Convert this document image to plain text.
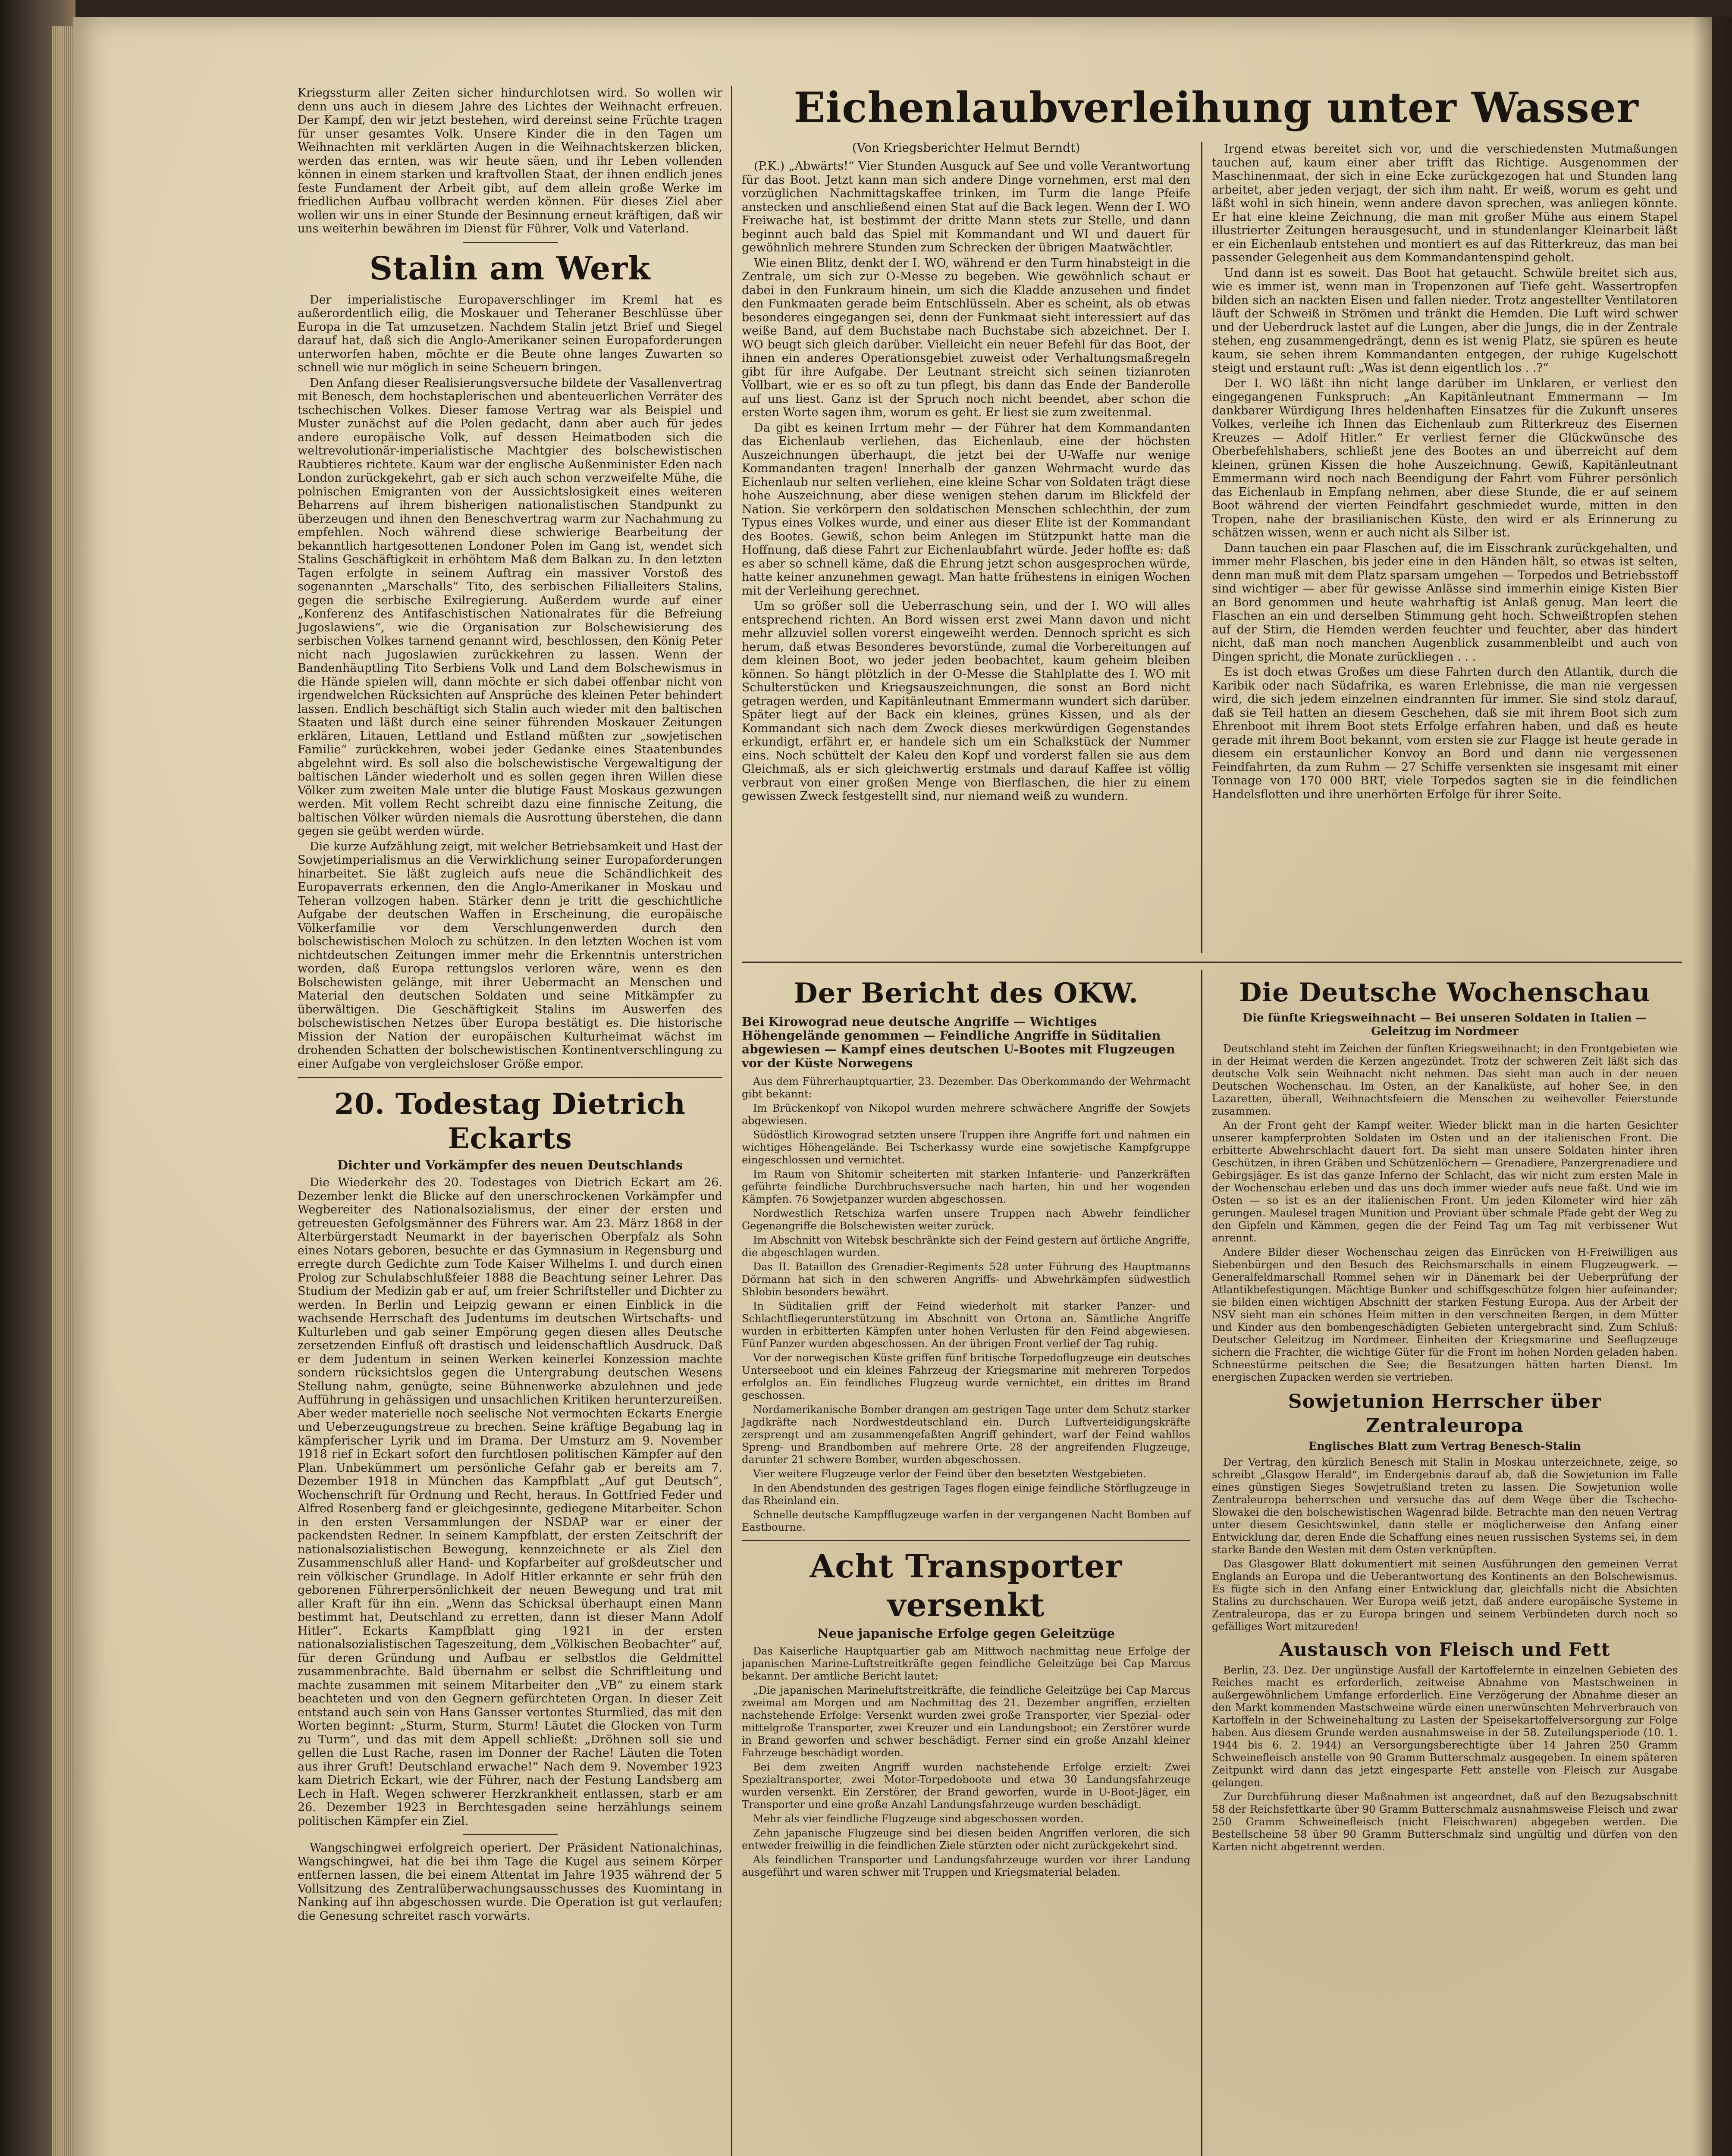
Kriegssturm aller Zeiten sicher hindurchlotsen wird. So wollen wir denn uns auch in diesem Jahre des Lichtes der Weihnacht erfreuen. Der Kampf, den wir jetzt bestehen, wird dereinst seine Früchte tragen für unser gesamtes Volk. Unsere Kinder die in den Tagen um Weihnachten mit verklärten Augen in die Weihnachtskerzen blicken, werden das ernten, was wir heute säen, und ihr Leben vollenden können in einem starken und kraftvollen Staat, der ihnen endlich jenes feste Fundament der Arbeit gibt, auf dem allein große Werke im friedlichen Aufbau vollbracht werden können. Für dieses Ziel aber wollen wir uns in einer Stunde der Besinnung erneut kräftigen, daß wir uns weiterhin bewähren im Dienst für Führer, Volk und Vaterland.

Stalin am Werk

Der imperialistische Europaverschlinger im Kreml hat es außerordentlich eilig, die Moskauer und Teheraner Beschlüsse über Europa in die Tat umzusetzen. Nachdem Stalin jetzt Brief und Siegel darauf hat, daß sich die Anglo-Amerikaner seinen Europaforderungen unterworfen haben, möchte er die Beute ohne langes Zuwarten so schnell wie nur möglich in seine Scheuern bringen.

Den Anfang dieser Realisierungsversuche bildete der Vasallenvertrag mit Benesch, dem hochstaplerischen und abenteuerlichen Verräter des tschechischen Volkes. Dieser famose Vertrag war als Beispiel und Muster zunächst auf die Polen gedacht, dann aber auch für jedes andere europäische Volk, auf dessen Heimatboden sich die weltrevolutionär-imperialistische Machtgier des bolschewistischen Raubtieres richtete. Kaum war der englische Außenminister Eden nach London zurückgekehrt, gab er sich auch schon verzweifelte Mühe, die polnischen Emigranten von der Aussichtslosigkeit eines weiteren Beharrens auf ihrem bisherigen nationalistischen Standpunkt zu überzeugen und ihnen den Beneschvertrag warm zur Nachahmung zu empfehlen. Noch während diese schwierige Bearbeitung der bekanntlich hartgesottenen Londoner Polen im Gang ist, wendet sich Stalins Geschäftigkeit in erhöhtem Maß dem Balkan zu. In den letzten Tagen erfolgte in seinem Auftrag ein massiver Vorstoß des sogenannten „Marschalls“ Tito, des serbischen Filialleiters Stalins, gegen die serbische Exilregierung. Außerdem wurde auf einer „Konferenz des Antifaschistischen Nationalrates für die Befreiung Jugoslawiens“, wie die Organisation zur Bolschewisierung des serbischen Volkes tarnend genannt wird, beschlossen, den König Peter nicht nach Jugoslawien zurückkehren zu lassen. Wenn der Bandenhäuptling Tito Serbiens Volk und Land dem Bolschewismus in die Hände spielen will, dann möchte er sich dabei offenbar nicht von irgendwelchen Rücksichten auf Ansprüche des kleinen Peter behindert lassen. Endlich beschäftigt sich Stalin auch wieder mit den baltischen Staaten und läßt durch eine seiner führenden Moskauer Zeitungen erklären, Litauen, Lettland und Estland müßten zur „sowjetischen Familie“ zurückkehren, wobei jeder Gedanke eines Staatenbundes abgelehnt wird. Es soll also die bolschewistische Vergewaltigung der baltischen Länder wiederholt und es sollen gegen ihren Willen diese Völker zum zweiten Male unter die blutige Faust Moskaus gezwungen werden. Mit vollem Recht schreibt dazu eine finnische Zeitung, die baltischen Völker würden niemals die Ausrottung überstehen, die dann gegen sie geübt werden würde.

Die kurze Aufzählung zeigt, mit welcher Betriebsamkeit und Hast der Sowjetimperialismus an die Verwirklichung seiner Europaforderungen hinarbeitet. Sie läßt zugleich aufs neue die Schändlichkeit des Europaverrats erkennen, den die Anglo-Amerikaner in Moskau und Teheran vollzogen haben. Stärker denn je tritt die geschichtliche Aufgabe der deutschen Waffen in Erscheinung, die europäische Völkerfamilie vor dem Verschlungenwerden durch den bolschewistischen Moloch zu schützen. In den letzten Wochen ist vom nichtdeutschen Zeitungen immer mehr die Erkenntnis unterstrichen worden, daß Europa rettungslos verloren wäre, wenn es den Bolschewisten gelänge, mit ihrer Uebermacht an Menschen und Material den deutschen Soldaten und seine Mitkämpfer zu überwältigen. Die Geschäftigkeit Stalins im Auswerfen des bolschewistischen Netzes über Europa bestätigt es. Die historische Mission der Nation der europäischen Kulturheimat wächst im drohenden Schatten der bolschewistischen Kontinentverschlingung zu einer Aufgabe von vergleichsloser Größe empor.

20. Todestag Dietrich Eckarts
Dichter und Vorkämpfer des neuen Deutschlands

Die Wiederkehr des 20. Todestages von Dietrich Eckart am 26. Dezember lenkt die Blicke auf den unerschrockenen Vorkämpfer und Wegbereiter des Nationalsozialismus, der einer der ersten und getreuesten Gefolgsmänner des Führers war. Am 23. März 1868 in der Alterbürgerstadt Neumarkt in der bayerischen Oberpfalz als Sohn eines Notars geboren, besuchte er das Gymnasium in Regensburg und erregte durch Gedichte zum Tode Kaiser Wilhelms I. und durch einen Prolog zur Schulabschlußfeier 1888 die Beachtung seiner Lehrer. Das Studium der Medizin gab er auf, um freier Schriftsteller und Dichter zu werden. In Berlin und Leipzig gewann er einen Einblick in die wachsende Herrschaft des Judentums im deutschen Wirtschafts- und Kulturleben und gab seiner Empörung gegen diesen alles Deutsche zersetzenden Einfluß oft drastisch und leidenschaftlich Ausdruck. Daß er dem Judentum in seinen Werken keinerlei Konzession machte sondern rücksichtslos gegen die Untergrabung deutschen Wesens Stellung nahm, genügte, seine Bühnenwerke abzulehnen und jede Aufführung in gehässigen und unsachlichen Kritiken herunterzureißen. Aber weder materielle noch seelische Not vermochten Eckarts Energie und Ueberzeugungstreue zu brechen. Seine kräftige Begabung lag in kämpferischer Lyrik und im Drama. Der Umsturz am 9. November 1918 rief in Eckart sofort den furchtlosen politischen Kämpfer auf den Plan. Unbekümmert um persönliche Gefahr gab er bereits am 7. Dezember 1918 in München das Kampfblatt „Auf gut Deutsch“, Wochenschrift für Ordnung und Recht, heraus. In Gottfried Feder und Alfred Rosenberg fand er gleichgesinnte, gediegene Mitarbeiter. Schon in den ersten Versammlungen der NSDAP war er einer der packendsten Redner. In seinem Kampfblatt, der ersten Zeitschrift der nationalsozialistischen Bewegung, kennzeichnete er als Ziel den Zusammenschluß aller Hand- und Kopfarbeiter auf großdeutscher und rein völkischer Grundlage. In Adolf Hitler erkannte er sehr früh den geborenen Führerpersönlichkeit der neuen Bewegung und trat mit aller Kraft für ihn ein. „Wenn das Schicksal überhaupt einen Mann bestimmt hat, Deutschland zu erretten, dann ist dieser Mann Adolf Hitler“. Eckarts Kampfblatt ging 1921 in der ersten nationalsozialistischen Tageszeitung, dem „Völkischen Beobachter“ auf, für deren Gründung und Aufbau er selbstlos die Geldmittel zusammenbrachte. Bald übernahm er selbst die Schriftleitung und machte zusammen mit seinem Mitarbeiter den „VB“ zu einem stark beachteten und von den Gegnern gefürchteten Organ. In dieser Zeit entstand auch sein von Hans Gansser vertontes Sturmlied, das mit den Worten beginnt: „Sturm, Sturm, Sturm! Läutet die Glocken von Turm zu Turm“, und das mit dem Appell schließt: „Dröhnen soll sie und gellen die Lust Rache, rasen im Donner der Rache! Läuten die Toten aus ihrer Gruft! Deutschland erwache!“ Nach dem 9. November 1923 kam Dietrich Eckart, wie der Führer, nach der Festung Landsberg am Lech in Haft. Wegen schwerer Herzkrankheit entlassen, starb er am 26. Dezember 1923 in Berchtesgaden seine herzählungs seinem politischen Kämpfer ein Ziel.

Wangschingwei erfolgreich operiert. Der Präsident Nationalchinas, Wangschingwei, hat die bei ihm Tage die Kugel aus seinem Körper entfernen lassen, die bei einem Attentat im Jahre 1935 während der 5 Vollsitzung des Zentralüberwachungsausschusses des Kuomintang in Nanking auf ihn abgeschossen wurde. Die Operation ist gut verlaufen; die Genesung schreitet rasch vorwärts.

Eichenlaubverleihung unter Wasser
(Von Kriegsberichter Helmut Berndt)

(P.K.) „Abwärts!“ Vier Stunden Ausguck auf See und volle Verantwortung für das Boot. Jetzt kann man sich andere Dinge vornehmen, erst mal den vorzüglichen Nachmittagskaffee trinken, im Turm die lange Pfeife anstecken und anschließend einen Stat auf die Back legen. Wenn der I. WO Freiwache hat, ist bestimmt der dritte Mann stets zur Stelle, und dann beginnt auch bald das Spiel mit Kommandant und WI und dauert für gewöhnlich mehrere Stunden zum Schrecken der übrigen Maatwächtler.

Wie einen Blitz, denkt der I. WO, während er den Turm hinabsteigt in die Zentrale, um sich zur O-Messe zu begeben. Wie gewöhnlich schaut er dabei in den Funkraum hinein, um sich die Kladde anzusehen und findet den Funkmaaten gerade beim Entschlüsseln. Aber es scheint, als ob etwas besonderes eingegangen sei, denn der Funkmaat sieht interessiert auf das weiße Band, auf dem Buchstabe nach Buchstabe sich abzeichnet. Der I. WO beugt sich gleich darüber. Vielleicht ein neuer Befehl für das Boot, der ihnen ein anderes Operationsgebiet zuweist oder Verhaltungsmaßregeln gibt für ihre Aufgabe. Der Leutnant streicht sich seinen tizianroten Vollbart, wie er es so oft zu tun pflegt, bis dann das Ende der Banderolle auf uns liest. Ganz ist der Spruch noch nicht beendet, aber schon die ersten Worte sagen ihm, worum es geht. Er liest sie zum zweitenmal.

Da gibt es keinen Irrtum mehr — der Führer hat dem Kommandanten das Eichenlaub verliehen, das Eichenlaub, eine der höchsten Auszeichnungen überhaupt, die jetzt bei der U-Waffe nur wenige Kommandanten tragen! Innerhalb der ganzen Wehrmacht wurde das Eichenlaub nur selten verliehen, eine kleine Schar von Soldaten trägt diese hohe Auszeichnung, aber diese wenigen stehen darum im Blickfeld der Nation. Sie verkörpern den soldatischen Menschen schlechthin, der zum Typus eines Volkes wurde, und einer aus dieser Elite ist der Kommandant des Bootes. Gewiß, schon beim Anlegen im Stützpunkt hatte man die Hoffnung, daß diese Fahrt zur Eichenlaubfahrt würde. Jeder hoffte es: daß es aber so schnell käme, daß die Ehrung jetzt schon ausgesprochen würde, hatte keiner anzunehmen gewagt. Man hatte frühestens in einigen Wochen mit der Verleihung gerechnet.

Um so größer soll die Ueberraschung sein, und der I. WO will alles entsprechend richten. An Bord wissen erst zwei Mann davon und nicht mehr allzuviel sollen vorerst eingeweiht werden. Dennoch spricht es sich herum, daß etwas Besonderes bevorstünde, zumal die Vorbereitungen auf dem kleinen Boot, wo jeder jeden beobachtet, kaum geheim bleiben können. So hängt plötzlich in der O-Messe die Stahlplatte des I. WO mit Schulterstücken und Kriegsauszeichnungen, die sonst an Bord nicht getragen werden, und Kapitänleutnant Emmermann wundert sich darüber. Später liegt auf der Back ein kleines, grünes Kissen, und als der Kommandant sich nach dem Zweck dieses merkwürdigen Gegenstandes erkundigt, erfährt er, er handele sich um ein Schalkstück der Nummer eins. Noch schüttelt der Kaleu den Kopf und vorderst fallen sie aus dem Gleichmaß, als er sich gleichwertig erstmals und darauf Kaffee ist völlig verbraut von einer großen Menge von Bierflaschen, die hier zu einem gewissen Zweck festgestellt sind, nur niemand weiß zu wundern.

Irgend etwas bereitet sich vor, und die verschiedensten Mutmaßungen tauchen auf, kaum einer aber trifft das Richtige. Ausgenommen der Maschinenmaat, der sich in eine Ecke zurückgezogen hat und Stunden lang arbeitet, aber jeden verjagt, der sich ihm naht. Er weiß, worum es geht und läßt wohl in sich hinein, wenn andere davon sprechen, was anliegen könnte. Er hat eine kleine Zeichnung, die man mit großer Mühe aus einem Stapel illustrierter Zeitungen herausgesucht, und in stundenlanger Kleinarbeit läßt er ein Eichenlaub entstehen und montiert es auf das Ritterkreuz, das man bei passender Gelegenheit aus dem Kommandantenspind geholt.

Und dann ist es soweit. Das Boot hat getaucht. Schwüle breitet sich aus, wie es immer ist, wenn man in Tropenzonen auf Tiefe geht. Wassertropfen bilden sich an nackten Eisen und fallen nieder. Trotz angestellter Ventilatoren läuft der Schweiß in Strömen und tränkt die Hemden. Die Luft wird schwer und der Ueberdruck lastet auf die Lungen, aber die Jungs, die in der Zentrale stehen, eng zusammengedrängt, denn es ist wenig Platz, sie spüren es heute kaum, sie sehen ihrem Kommandanten entgegen, der ruhige Kugelschott steigt und erstaunt ruft: „Was ist denn eigentlich los . .?“

Der I. WO läßt ihn nicht lange darüber im Unklaren, er verliest den eingegangenen Funkspruch: „An Kapitänleutnant Emmermann — Im dankbarer Würdigung Ihres heldenhaften Einsatzes für die Zukunft unseres Volkes, verleihe ich Ihnen das Eichenlaub zum Ritterkreuz des Eisernen Kreuzes — Adolf Hitler.“ Er verliest ferner die Glückwünsche des Oberbefehlshabers, schließt jene des Bootes an und überreicht auf dem kleinen, grünen Kissen die hohe Auszeichnung. Gewiß, Kapitänleutnant Emmermann wird noch nach Beendigung der Fahrt vom Führer persönlich das Eichenlaub in Empfang nehmen, aber diese Stunde, die er auf seinem Boot während der vierten Feindfahrt geschmiedet wurde, mitten in den Tropen, nahe der brasilianischen Küste, den wird er als Erinnerung zu schätzen wissen, wenn er auch nicht als Silber ist.

Dann tauchen ein paar Flaschen auf, die im Eisschrank zurückgehalten, und immer mehr Flaschen, bis jeder eine in den Händen hält, so etwas ist selten, denn man muß mit dem Platz sparsam umgehen — Torpedos und Betriebsstoff sind wichtiger — aber für gewisse Anlässe sind immerhin einige Kisten Bier an Bord genommen und heute wahrhaftig ist Anlaß genug. Man leert die Flaschen an ein und derselben Stimmung geht hoch. Schweißtropfen stehen auf der Stirn, die Hemden werden feuchter und feuchter, aber das hindert nicht, daß man noch manchen Augenblick zusammenbleibt und auch von Dingen spricht, die Monate zurückliegen . . .

Es ist doch etwas Großes um diese Fahrten durch den Atlantik, durch die Karibik oder nach Südafrika, es waren Erlebnisse, die man nie vergessen wird, die sich jedem einzelnen eindrannten für immer. Sie sind stolz darauf, daß sie Teil hatten an diesem Geschehen, daß sie mit ihrem Boot sich zum Ehrenboot mit ihrem Boot stets Erfolge erfahren haben, und daß es heute gerade mit ihrem Boot bekannt, vom ersten sie zur Flagge ist heute gerade in diesem ein erstaunlicher Konvoy an Bord und dann nie vergessenen Feindfahrten, da zum Ruhm — 27 Schiffe versenkten sie insgesamt mit einer Tonnage von 170 000 BRT, viele Torpedos sagten sie in die feindlichen Handelsflotten und ihre unerhörten Erfolge für ihrer Seite.

Der Bericht des OKW.
Bei Kirowograd neue deutsche Angriffe — Wichtiges Höhengelände genommen — Feindliche Angriffe in Süditalien abgewiesen — Kampf eines deutschen U-Bootes mit Flugzeugen vor der Küste Norwegens

Aus dem Führerhauptquartier, 23. Dezember. Das Oberkommando der Wehrmacht gibt bekannt:

Im Brückenkopf von Nikopol wurden mehrere schwächere Angriffe der Sowjets abgewiesen.

Südöstlich Kirowograd setzten unsere Truppen ihre Angriffe fort und nahmen ein wichtiges Höhengelände. Bei Tscherkassy wurde eine sowjetische Kampfgruppe eingeschlossen und vernichtet.

Im Raum von Shitomir scheiterten mit starken Infanterie- und Panzerkräften geführte feindliche Durchbruchsversuche nach harten, hin und her wogenden Kämpfen. 76 Sowjetpanzer wurden abgeschossen.

Nordwestlich Retschiza warfen unsere Truppen nach Abwehr feindlicher Gegenangriffe die Bolschewisten weiter zurück.

Im Abschnitt von Witebsk beschränkte sich der Feind gestern auf örtliche Angriffe, die abgeschlagen wurden.

Das II. Bataillon des Grenadier-Regiments 528 unter Führung des Hauptmanns Dörmann hat sich in den schweren Angriffs- und Abwehrkämpfen südwestlich Shlobin besonders bewährt.

In Süditalien griff der Feind wiederholt mit starker Panzer- und Schlachtfliegerunterstützung im Abschnitt von Ortona an. Sämtliche Angriffe wurden in erbitterten Kämpfen unter hohen Verlusten für den Feind abgewiesen. Fünf Panzer wurden abgeschossen. An der übrigen Front verlief der Tag ruhig.

Vor der norwegischen Küste griffen fünf britische Torpedoflugzeuge ein deutsches Unterseeboot und ein kleines Fahrzeug der Kriegsmarine mit mehreren Torpedos erfolglos an. Ein feindliches Flugzeug wurde vernichtet, ein drittes im Brand geschossen.

Nordamerikanische Bomber drangen am gestrigen Tage unter dem Schutz starker Jagdkräfte nach Nordwestdeutschland ein. Durch Luftverteidigungskräfte zersprengt und am zusammengefaßten Angriff gehindert, warf der Feind wahllos Spreng- und Brandbomben auf mehrere Orte. 28 der angreifenden Flugzeuge, darunter 21 schwere Bomber, wurden abgeschossen.

Vier weitere Flugzeuge verlor der Feind über den besetzten Westgebieten.

In den Abendstunden des gestrigen Tages flogen einige feindliche Störflugzeuge in das Rheinland ein.

Schnelle deutsche Kampfflugzeuge warfen in der vergangenen Nacht Bomben auf Eastbourne.

Acht Transporter versenkt
Neue japanische Erfolge gegen Geleitzüge

Das Kaiserliche Hauptquartier gab am Mittwoch nachmittag neue Erfolge der japanischen Marine-Luftstreitkräfte gegen feindliche Geleitzüge bei Cap Marcus bekannt. Der amtliche Bericht lautet:

„Die japanischen Marineluftstreitkräfte, die feindliche Geleitzüge bei Cap Marcus zweimal am Morgen und am Nachmittag des 21. Dezember angriffen, erzielten nachstehende Erfolge: Versenkt wurden zwei große Transporter, vier Spezial- oder mittelgroße Transporter, zwei Kreuzer und ein Landungsboot; ein Zerstörer wurde in Brand geworfen und schwer beschädigt. Ferner sind ein große Anzahl kleiner Fahrzeuge beschädigt worden.

Bei dem zweiten Angriff wurden nachstehende Erfolge erzielt: Zwei Spezialtransporter, zwei Motor-Torpedoboote und etwa 30 Landungsfahrzeuge wurden versenkt. Ein Zerstörer, der Brand geworfen, wurde in U-Boot-Jäger, ein Transporter und eine große Anzahl Landungsfahrzeuge wurden beschädigt.

Mehr als vier feindliche Flugzeuge sind abgeschossen worden.

Zehn japanische Flugzeuge sind bei diesen beiden Angriffen verloren, die sich entweder freiwillig in die feindlichen Ziele stürzten oder nicht zurückgekehrt sind.

Als feindlichen Transporter und Landungsfahrzeuge wurden vor ihrer Landung ausgeführt und waren schwer mit Truppen und Kriegsmaterial beladen.

Die Deutsche Wochenschau
Die fünfte Kriegsweihnacht — Bei unseren Soldaten in Italien — Geleitzug im Nordmeer

Deutschland steht im Zeichen der fünften Kriegsweihnacht; in den Frontgebieten wie in der Heimat werden die Kerzen angezündet. Trotz der schweren Zeit läßt sich das deutsche Volk sein Weihnacht nicht nehmen. Das sieht man auch in der neuen Deutschen Wochenschau. Im Osten, an der Kanalküste, auf hoher See, in den Lazaretten, überall, Weihnachtsfeiern die Menschen zu weihevoller Feierstunde zusammen.

An der Front geht der Kampf weiter. Wieder blickt man in die harten Gesichter unserer kampferprobten Soldaten im Osten und an der italienischen Front. Die erbitterte Abwehrschlacht dauert fort. Da sieht man unsere Soldaten hinter ihren Geschützen, in ihren Gräben und Schützenlöchern — Grenadiere, Panzergrenadiere und Gebirgsjäger. Es ist das ganze Inferno der Schlacht, das wir nicht zum ersten Male in der Wochenschau erleben und das uns doch immer wieder aufs neue faßt. Und wie im Osten — so ist es an der italienischen Front. Um jeden Kilometer wird hier zäh gerungen. Maulesel tragen Munition und Proviant über schmale Pfade gebt der Weg zu den Gipfeln und Kämmen, gegen die der Feind Tag um Tag mit verbissener Wut anrennt.

Andere Bilder dieser Wochenschau zeigen das Einrücken von H-Freiwilligen aus Siebenbürgen und den Besuch des Reichsmarschalls in einem Flugzeugwerk. — Generalfeldmarschall Rommel sehen wir in Dänemark bei der Ueberprüfung der Atlantikbefestigungen. Mächtige Bunker und schiffsgeschütze folgen hier aufeinander; sie bilden einen wichtigen Abschnitt der starken Festung Europa. Aus der Arbeit der NSV sieht man ein schönes Heim mitten in den verschneiten Bergen, in dem Mütter und Kinder aus den bombengeschädigten Gebieten untergebracht sind. Zum Schluß: Deutscher Geleitzug im Nordmeer. Einheiten der Kriegsmarine und Seeflugzeuge sichern die Frachter, die wichtige Güter für die Front im hohen Norden geladen haben. Schneestürme peitschen die See; die Besatzungen hätten harten Dienst. Im energischen Zupacken werden sie vertrieben.

Sowjetunion Herrscher über Zentraleuropa
Englisches Blatt zum Vertrag Benesch-Stalin

Der Vertrag, den kürzlich Benesch mit Stalin in Moskau unterzeichnete, zeige, so schreibt „Glasgow Herald“, im Endergebnis darauf ab, daß die Sowjetunion im Falle eines günstigen Sieges Sowjetrußland treten zu lassen. Die Sowjetunion wolle Zentraleuropa beherrschen und versuche das auf dem Wege über die Tschecho-Slowakei die den bolschewistischen Wagenrad bilde. Betrachte man den neuen Vertrag unter diesem Gesichtswinkel, dann stelle er möglicherweise den Anfang einer Entwicklung dar, deren Ende die Schaffung eines neuen russischen Systems sei, in dem starke Bande den Westen mit dem Osten verknüpften.

Das Glasgower Blatt dokumentiert mit seinen Ausführungen den gemeinen Verrat Englands an Europa und die Ueberantwortung des Kontinents an den Bolschewismus. Es fügte sich in den Anfang einer Entwicklung dar, gleichfalls nicht die Absichten Stalins zu durchschauen. Wer Europa weiß jetzt, daß andere europäische Systeme in Zentraleuropa, das er zu Europa bringen und seinem Verbündeten durch noch so gefälliges Wort mitzureden!

Austausch von Fleisch und Fett

Berlin, 23. Dez. Der ungünstige Ausfall der Kartoffelernte in einzelnen Gebieten des Reiches macht es erforderlich, zeitweise Abnahme von Mastschweinen in außergewöhnlichem Umfange erforderlich. Eine Verzögerung der Abnahme dieser an den Markt kommenden Mastschweine würde einen unerwünschten Mehrverbrauch von Kartoffeln in der Schweinehaltung zu Lasten der Speisekartoffelversorgung zur Folge haben. Aus diesem Grunde werden ausnahmsweise in der 58. Zuteilungsperiode (10. 1. 1944 bis 6. 2. 1944) an Versorgungsberechtigte über 14 Jahren 250 Gramm Schweinefleisch anstelle von 90 Gramm Butterschmalz ausgegeben. In einem späteren Zeitpunkt wird dann das jetzt eingesparte Fett anstelle von Fleisch zur Ausgabe gelangen.

Zur Durchführung dieser Maßnahmen ist angeordnet, daß auf den Bezugsabschnitt 58 der Reichsfettkarte über 90 Gramm Butterschmalz ausnahmsweise Fleisch und zwar 250 Gramm Schweinefleisch (nicht Fleischwaren) abgegeben werden. Die Bestellscheine 58 über 90 Gramm Butterschmalz sind ungültig und dürfen von den Karten nicht abgetrennt werden.
